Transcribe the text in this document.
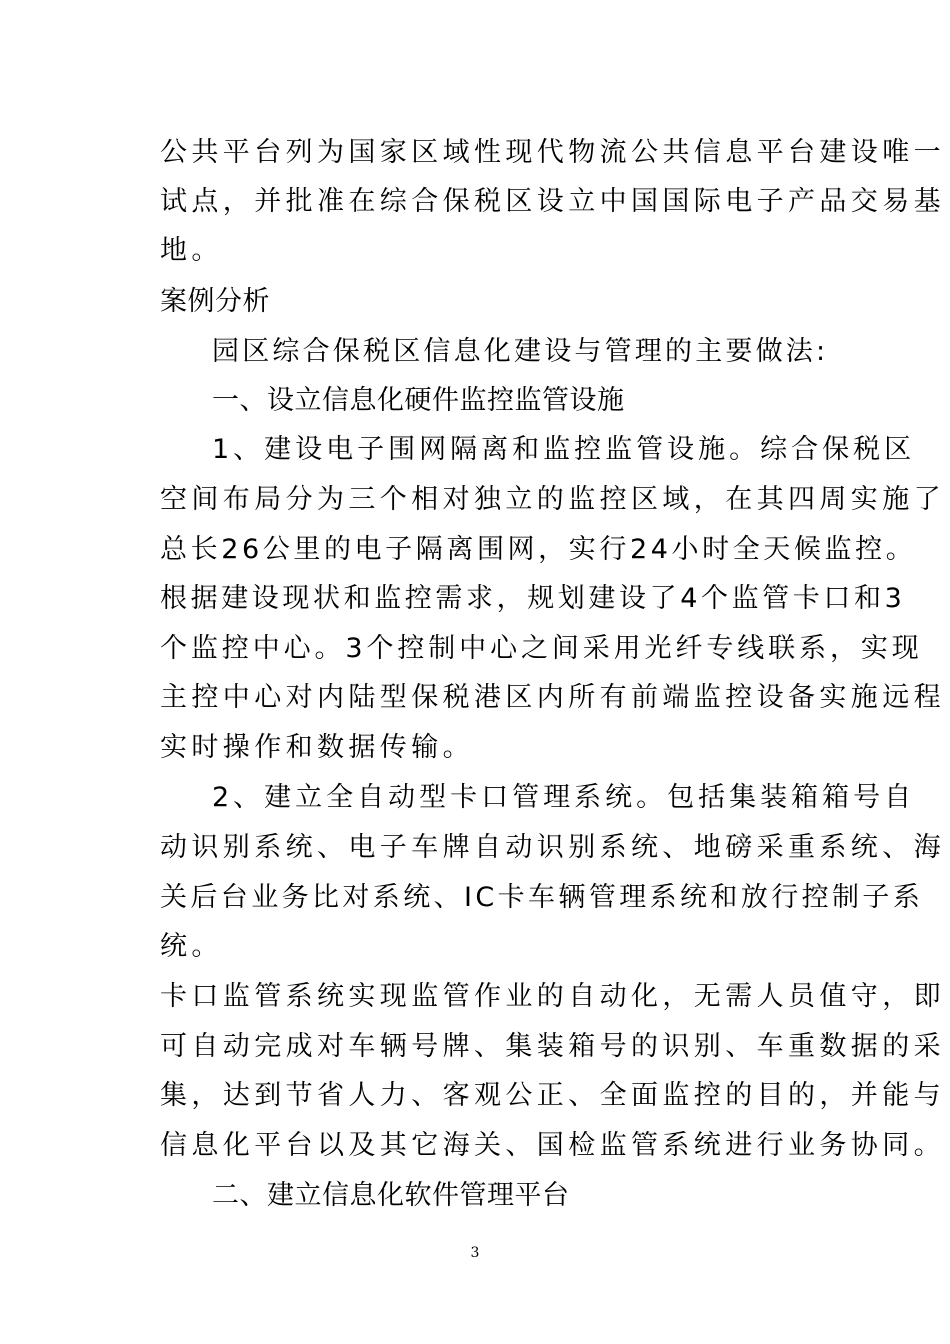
公共平台列为国家区域性现代物流公共信息平台建设唯一
试点，并批准在综合保税区设立中国国际电子产品交易基
地。
案例分析
园区综合保税区信息化建设与管理的主要做法:
一、设立信息化硬件监控监管设施
1、建设电子围网隔离和监控监管设施。综合保税区
空间布局分为三个相对独立的监控区域，在其四周实施了
总长26公里的电子隔离围网，实行24小时全天候监控。
根据建设现状和监控需求，规划建设了4个监管卡口和3
个监控中心。3个控制中心之间采用光纤专线联系，实现
主控中心对内陆型保税港区内所有前端监控设备实施远程
实时操作和数据传输。
2、建立全自动型卡口管理系统。包括集装箱箱号自
动识别系统、电子车牌自动识别系统、地磅采重系统、海
关后台业务比对系统、IC卡车辆管理系统和放行控制子系
统。
卡口监管系统实现监管作业的自动化，无需人员值守，即
可自动完成对车辆号牌、集装箱号的识别、车重数据的采
集，达到节省人力、客观公正、全面监控的目的，并能与
信息化平台以及其它海关、国检监管系统进行业务协同。
二、建立信息化软件管理平台
3
